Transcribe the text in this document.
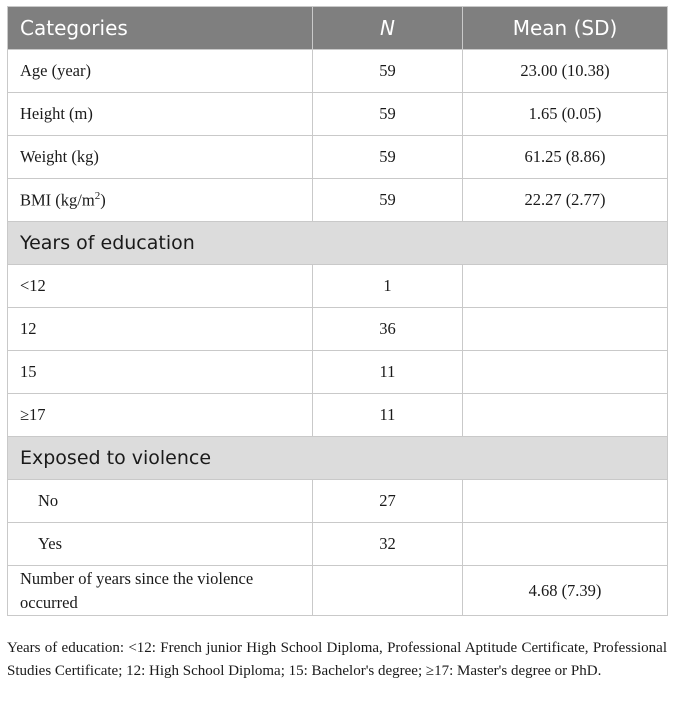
Categories	N	Mean (SD)
Age (year)	59	23.00 (10.38)
Height (m)	59	1.65 (0.05)
Weight (kg)	59	61.25 (8.86)
BMI $(kg/m^2)$	59	22.27 (2.77)
Years of education		
<12	1	
12	36	
15	11	
≥17	11	
Exposed to violence		
No	27	
Yes	32	
Number of years since the violence occurred		4.68 (7.39)

Years of education: <12: French junior High School Diploma, Professional Aptitude Certificate, Professional Studies Certificate; 12: High School Diploma; 15: Bachelor's degree; ≥17: Master's degree or PhD.
